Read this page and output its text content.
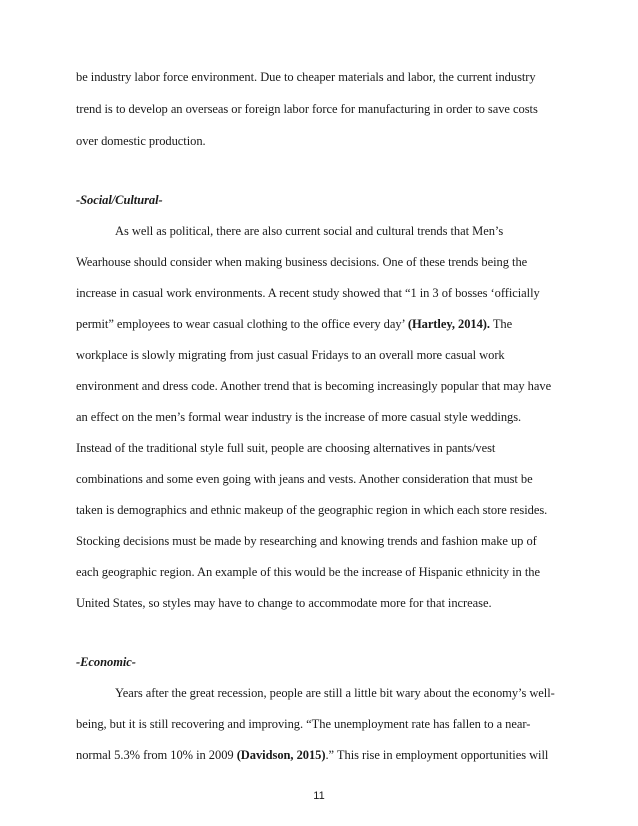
be industry labor force environment. Due to cheaper materials and labor, the current industry
trend is to develop an overseas or foreign labor force for manufacturing in order to save costs
over domestic production.
-Social/Cultural-
As well as political, there are also current social and cultural trends that Men’s
Wearhouse should consider when making business decisions. One of these trends being the
increase in casual work environments. A recent study showed that “1 in 3 of bosses ‘officially
permit” employees to wear casual clothing to the office every day’ (Hartley, 2014). The
workplace is slowly migrating from just casual Fridays to an overall more casual work
environment and dress code. Another trend that is becoming increasingly popular that may have
an effect on the men’s formal wear industry is the increase of more casual style weddings.
Instead of the traditional style full suit, people are choosing alternatives in pants/vest
combinations and some even going with jeans and vests. Another consideration that must be
taken is demographics and ethnic makeup of the geographic region in which each store resides.
Stocking decisions must be made by researching and knowing trends and fashion make up of
each geographic region. An example of this would be the increase of Hispanic ethnicity in the
United States, so styles may have to change to accommodate more for that increase.
-Economic-
Years after the great recession, people are still a little bit wary about the economy’s well-
being, but it is still recovering and improving. “The unemployment rate has fallen to a near-
normal 5.3% from 10% in 2009 (Davidson, 2015).” This rise in employment opportunities will
11
